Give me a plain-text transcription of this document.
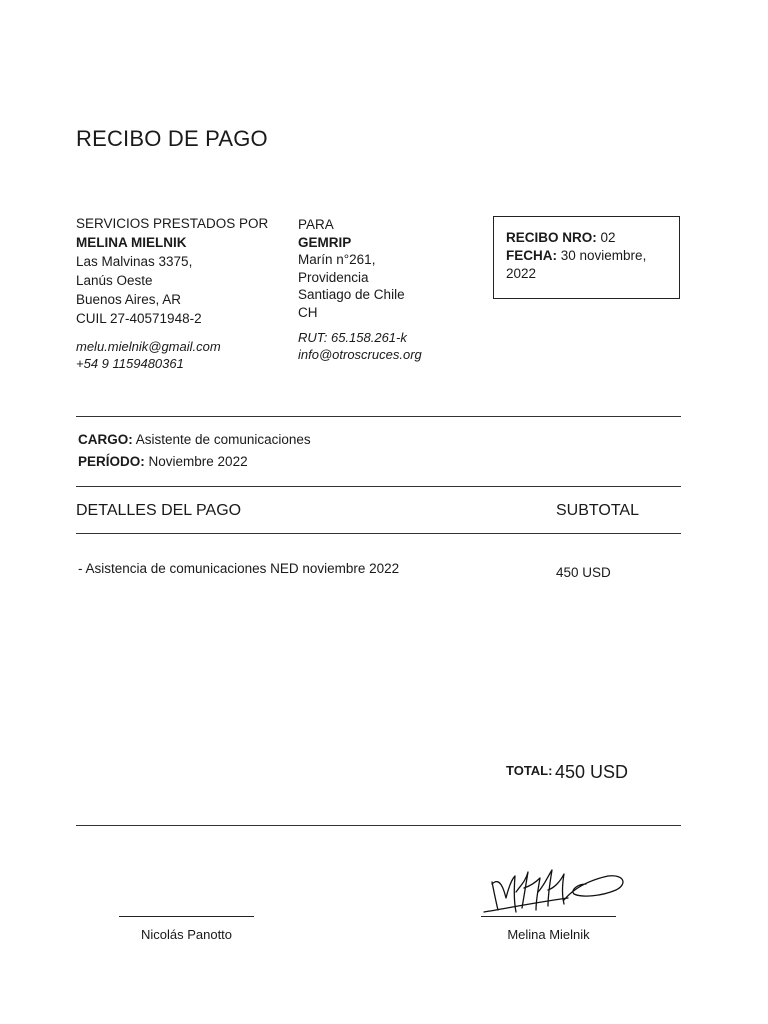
RECIBO DE PAGO
SERVICIOS PRESTADOS POR
MELINA MIELNIK
Las Malvinas 3375,
Lanús Oeste
Buenos Aires, AR
CUIL 27-40571948-2
melu.mielnik@gmail.com
+54 9 1159480361
PARA
GEMRIP
Marín n°261,
Providencia
Santiago de Chile
CH
RUT: 65.158.261-k
info@otroscruces.org
RECIBO NRO: 02
FECHA: 30 noviembre, 2022
CARGO: Asistente de comunicaciones
PERÍODO: Noviembre 2022
DETALLES DEL PAGO	SUBTOTAL
- Asistencia de comunicaciones NED noviembre 2022	450 USD
TOTAL: 450 USD
Nicolás Panotto	Melina Mielnik
